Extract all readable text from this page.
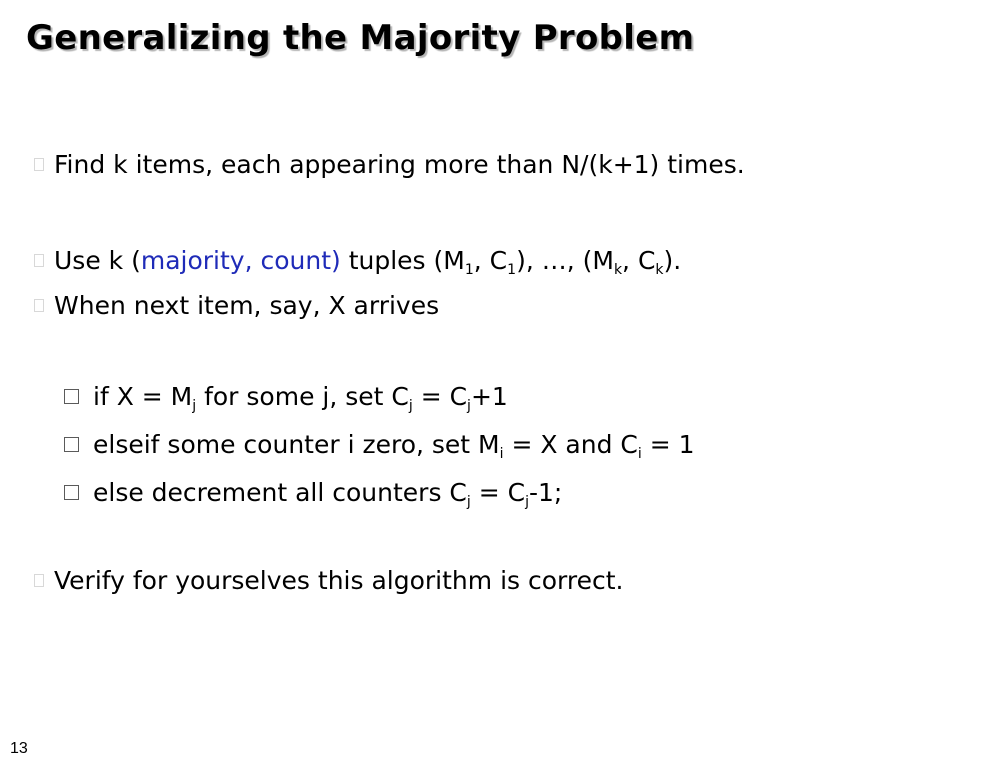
Generalizing the Majority Problem
Find k items, each appearing more than N/(k+1) times.
Use k (majority, count) tuples ($M_1$, $C_1$), …, ($M_k$, $C_k$).
When next item, say, X arrives
if $X = M_j$ for some j, set $C_j = C_j+1$
elseif some counter i zero, set $M_i = X$ and $C_i = 1$
else decrement all counters $C_j = C_j-1$;
Verify for yourselves this algorithm is correct.
13
